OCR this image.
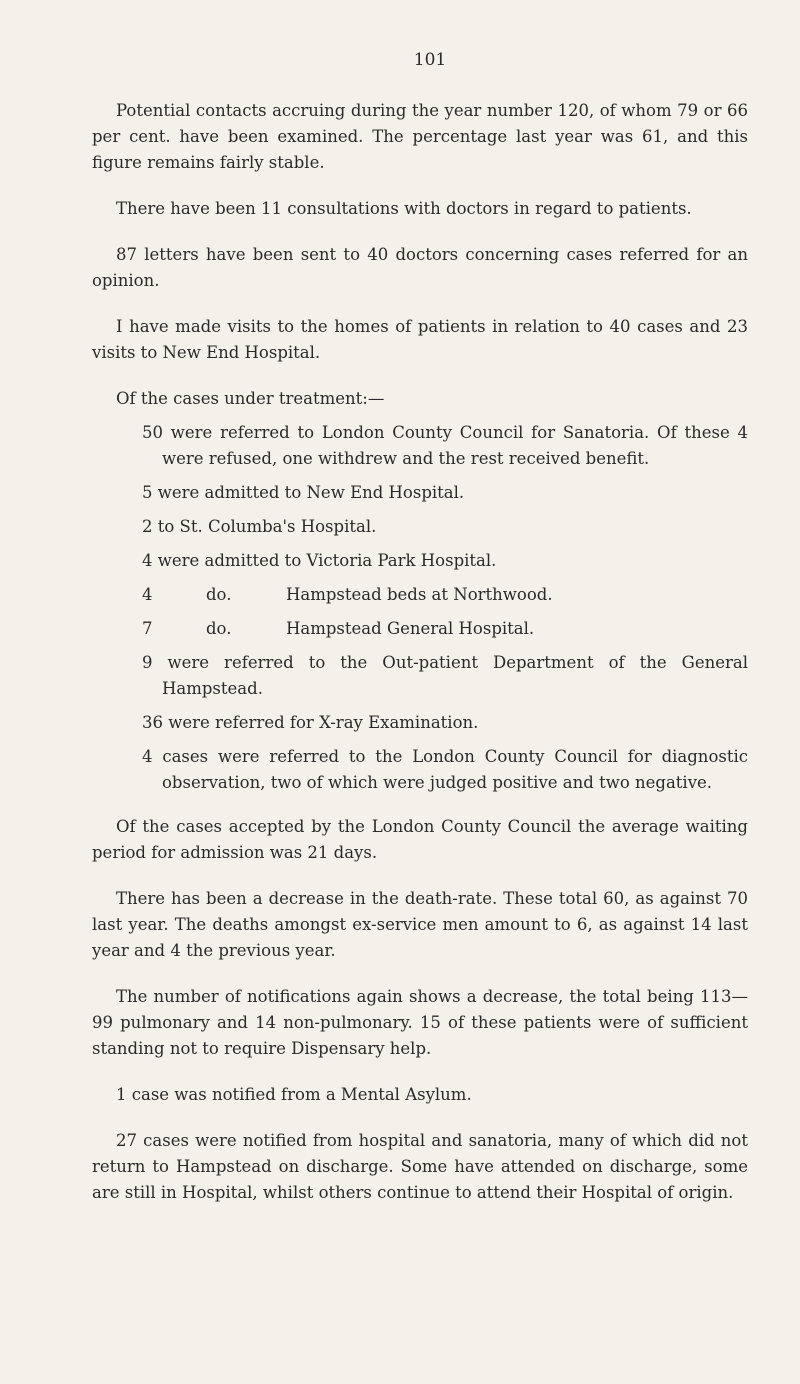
101

Potential contacts accruing during the year number 120, of whom 79 or 66 per cent. have been examined. The percentage last year was 61, and this figure remains fairly stable.

There have been 11 consultations with doctors in regard to patients.

87 letters have been sent to 40 doctors concerning cases referred for an opinion.

I have made visits to the homes of patients in relation to 40 cases and 23 visits to New End Hospital.

Of the cases under treatment:—

50 were referred to London County Council for Sanatoria. Of these 4 were refused, one withdrew and the rest received benefit.
5 were admitted to New End Hospital.
2 to St. Columba's Hospital.
4 were admitted to Victoria Park Hospital.
4	do.	Hampstead beds at Northwood.
7	do.	Hampstead General Hospital.
9 were referred to the Out-patient Department of the General Hampstead.
36 were referred for X-ray Examination.
4 cases were referred to the London County Council for diagnostic observation, two of which were judged positive and two negative.

Of the cases accepted by the London County Council the average waiting period for admission was 21 days.

There has been a decrease in the death-rate. These total 60, as against 70 last year. The deaths amongst ex-service men amount to 6, as against 14 last year and 4 the previous year.

The number of notifications again shows a decrease, the total being 113—99 pulmonary and 14 non-pulmonary. 15 of these patients were of sufficient standing not to require Dispensary help.

1 case was notified from a Mental Asylum.

27 cases were notified from hospital and sanatoria, many of which did not return to Hampstead on discharge. Some have attended on discharge, some are still in Hospital, whilst others continue to attend their Hospital of origin.
